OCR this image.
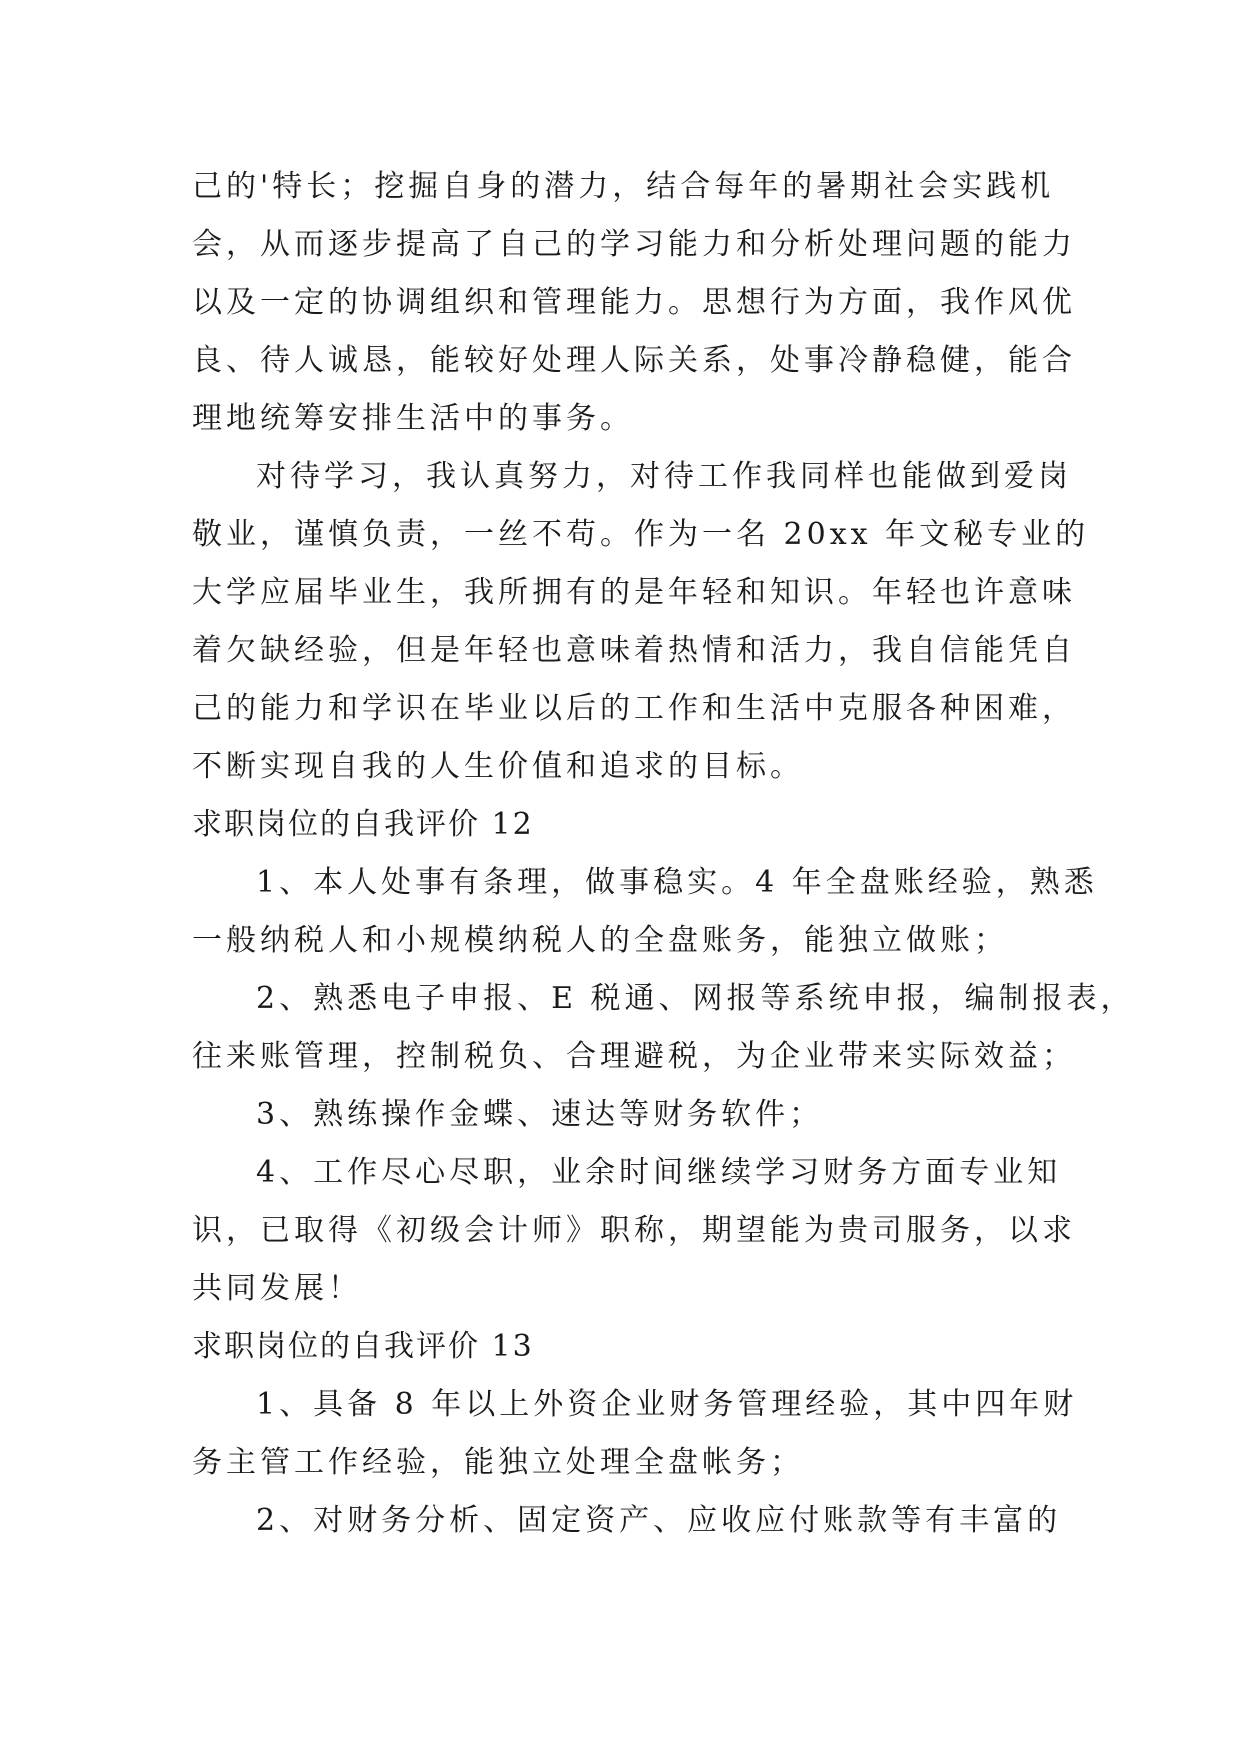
己的'特长；挖掘自身的潜力，结合每年的暑期社会实践机
会，从而逐步提高了自己的学习能力和分析处理问题的能力
以及一定的协调组织和管理能力。思想行为方面，我作风优
良、待人诚恳，能较好处理人际关系，处事冷静稳健，能合
理地统筹安排生活中的事务。
对待学习，我认真努力，对待工作我同样也能做到爱岗
敬业，谨慎负责，一丝不苟。作为一名 20xx 年文秘专业的
大学应届毕业生，我所拥有的是年轻和知识。年轻也许意味
着欠缺经验，但是年轻也意味着热情和活力，我自信能凭自
己的能力和学识在毕业以后的工作和生活中克服各种困难，
不断实现自我的人生价值和追求的目标。
求职岗位的自我评价 12
1、本人处事有条理，做事稳实。4 年全盘账经验，熟悉
一般纳税人和小规模纳税人的全盘账务，能独立做账；
2、熟悉电子申报、E 税通、网报等系统申报，编制报表，
往来账管理，控制税负、合理避税，为企业带来实际效益；
3、熟练操作金蝶、速达等财务软件；
4、工作尽心尽职，业余时间继续学习财务方面专业知
识，已取得《初级会计师》职称，期望能为贵司服务，以求
共同发展！
求职岗位的自我评价 13
1、具备 8 年以上外资企业财务管理经验，其中四年财
务主管工作经验，能独立处理全盘帐务；
2、对财务分析、固定资产、应收应付账款等有丰富的
